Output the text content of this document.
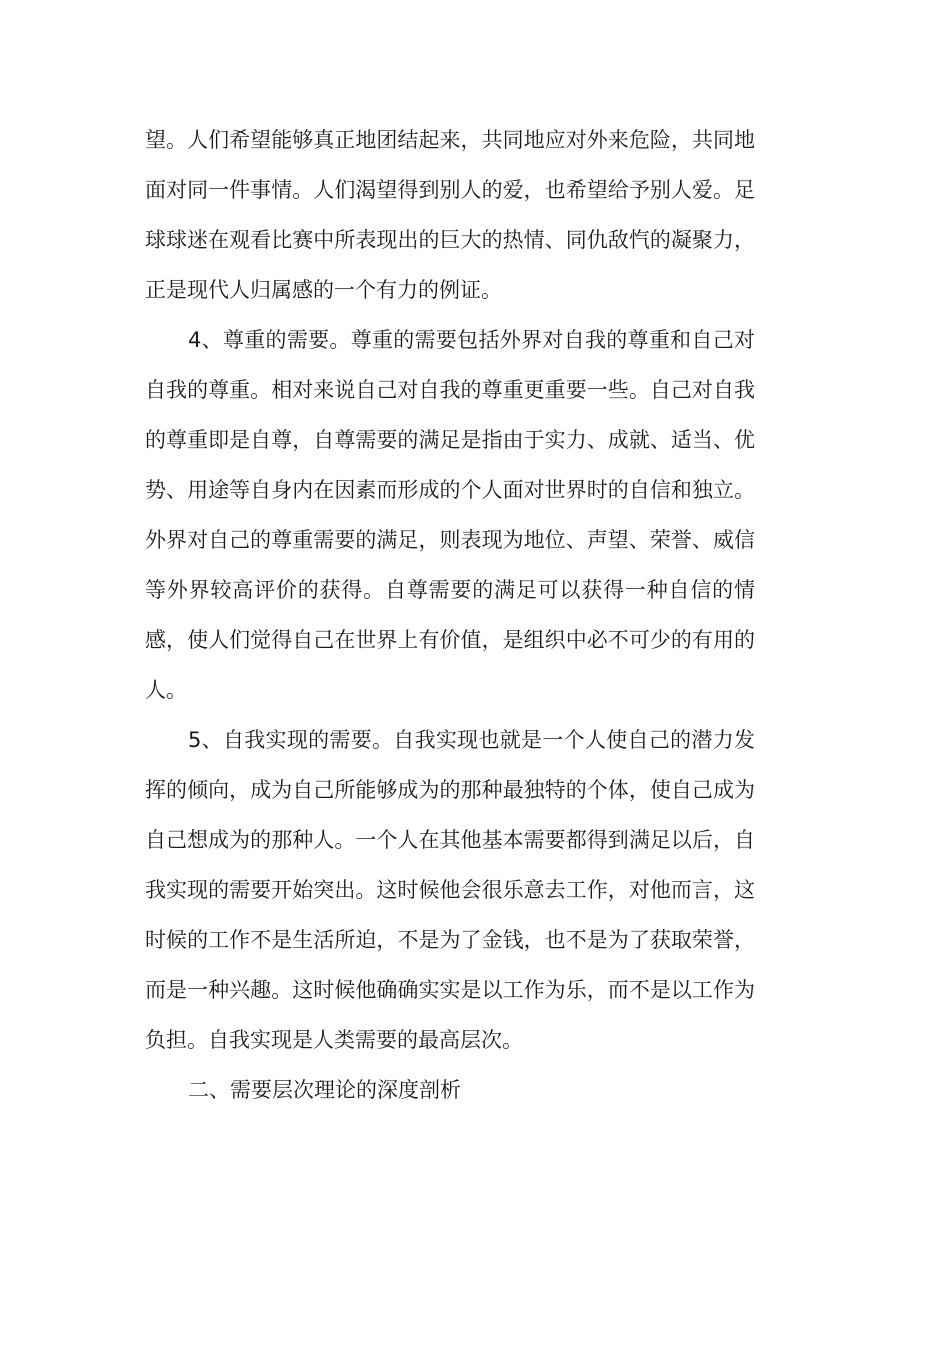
望。人们希望能够真正地团结起来，共同地应对外来危险，共同地
面对同一件事情。人们渴望得到别人的爱，也希望给予别人爱。足
球球迷在观看比赛中所表现出的巨大的热情、同仇敌忾的凝聚力，
正是现代人归属感的一个有力的例证。
4、尊重的需要。尊重的需要包括外界对自我的尊重和自己对
自我的尊重。相对来说自己对自我的尊重更重要一些。自己对自我
的尊重即是自尊，自尊需要的满足是指由于实力、成就、适当、优
势、用途等自身内在因素而形成的个人面对世界时的自信和独立。
外界对自己的尊重需要的满足，则表现为地位、声望、荣誉、威信
等外界较高评价的获得。自尊需要的满足可以获得一种自信的情
感，使人们觉得自己在世界上有价值，是组织中必不可少的有用的
人。
5、自我实现的需要。自我实现也就是一个人使自己的潜力发
挥的倾向，成为自己所能够成为的那种最独特的个体，使自己成为
自己想成为的那种人。一个人在其他基本需要都得到满足以后，自
我实现的需要开始突出。这时候他会很乐意去工作，对他而言，这
时候的工作不是生活所迫，不是为了金钱，也不是为了获取荣誉，
而是一种兴趣。这时候他确确实实是以工作为乐，而不是以工作为
负担。自我实现是人类需要的最高层次。
二、需要层次理论的深度剖析
